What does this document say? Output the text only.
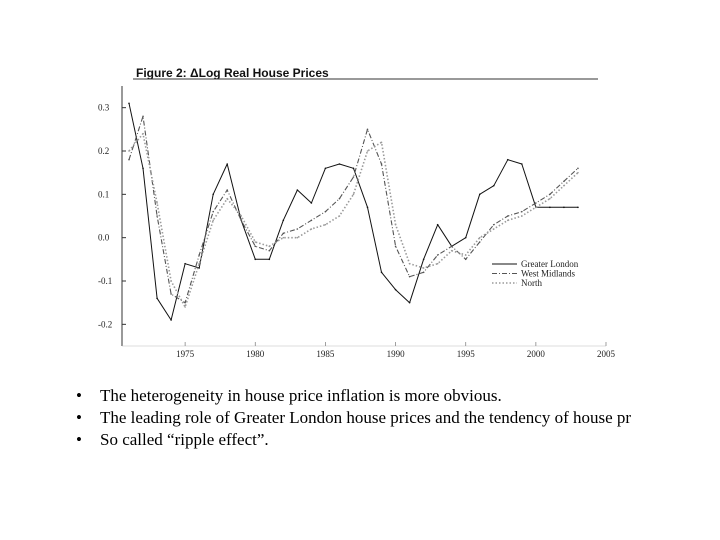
Figure 2: ΔLog Real House Prices
0.3
0.2
0.1
0.0
-0.1
-0.2
1975	1980	1985	1990	1995	2000	2005
Greater London
West Midlands
North
• The heterogeneity in house price inflation is more obvious.
• The leading role of Greater London house prices and the tendency of house pr
• So called “ripple effect”.
